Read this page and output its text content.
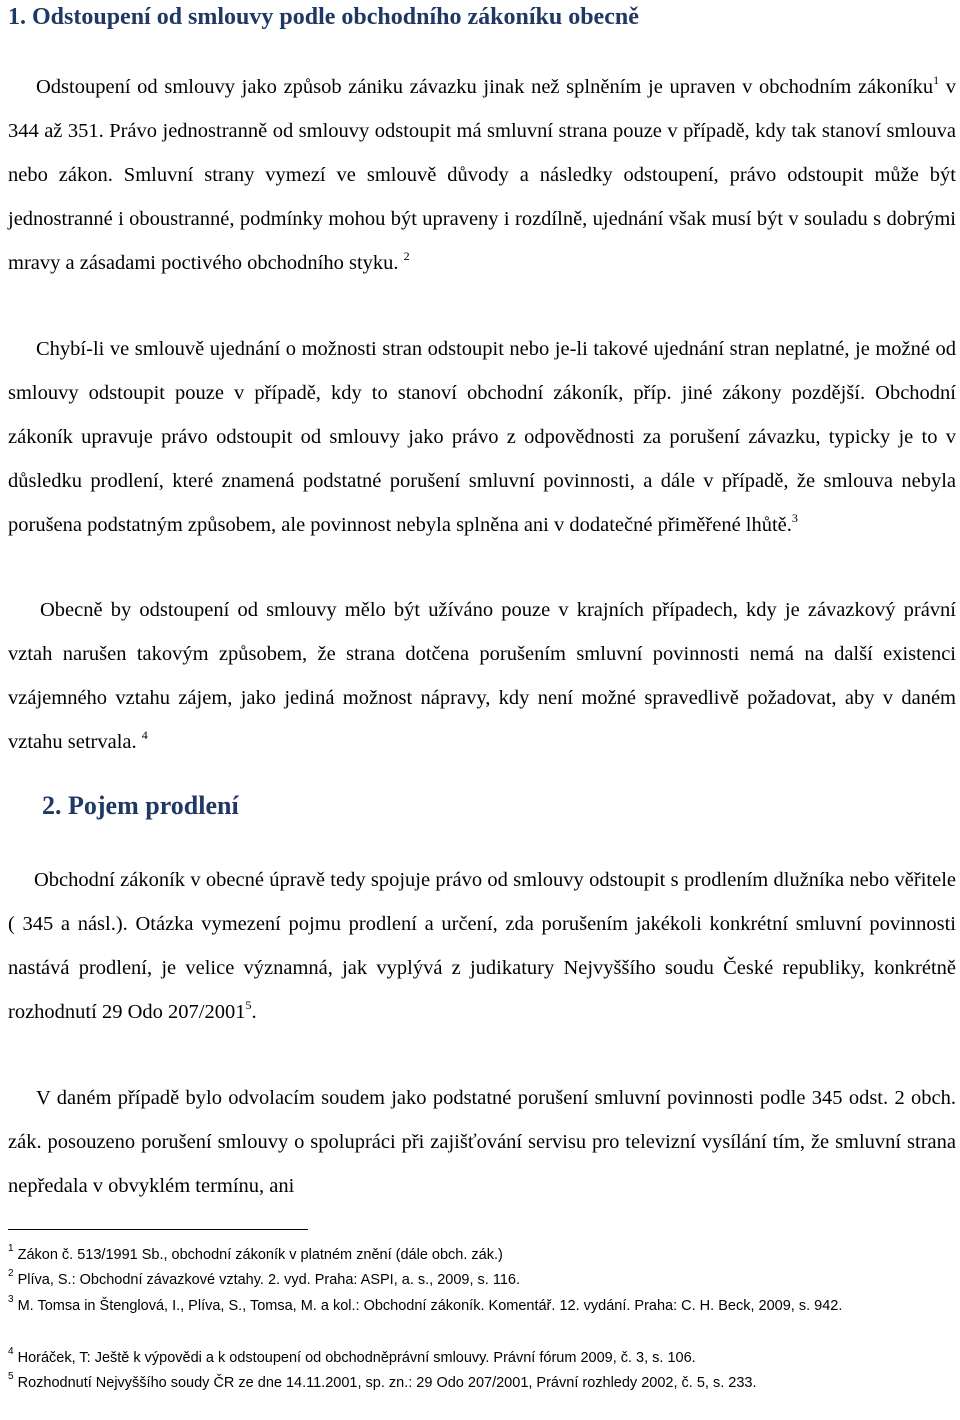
1. Odstoupení od smlouvy podle obchodního zákoníku obecně

Odstoupení od smlouvy jako způsob zániku závazku jinak než splněním je upraven v obchodním zákoníku$^1$ v 344 až 351. Právo jednostranně od smlouvy odstoupit má smluvní strana pouze v případě, kdy tak stanoví smlouva nebo zákon. Smluvní strany vymezí ve smlouvě důvody a následky odstoupení, právo odstoupit může být jednostranné i oboustranné, podmínky mohou být upraveny i rozdílně, ujednání však musí být v souladu s dobrými mravy a zásadami poctivého obchodního styku. $^2$

Chybí-li ve smlouvě ujednání o možnosti stran odstoupit nebo je-li takové ujednání stran neplatné, je možné od smlouvy odstoupit pouze v případě, kdy to stanoví obchodní zákoník, příp. jiné zákony pozdější. Obchodní zákoník upravuje právo odstoupit od smlouvy jako právo z odpovědnosti za porušení závazku, typicky je to v důsledku prodlení, které znamená podstatné porušení smluvní povinnosti, a dále v případě, že smlouva nebyla porušena podstatným způsobem, ale povinnost nebyla splněna ani v dodatečné přiměřené lhůtě.$^3$

Obecně by odstoupení od smlouvy mělo být užíváno pouze v krajních případech, kdy je závazkový právní vztah narušen takovým způsobem, že strana dotčena porušením smluvní povinnosti nemá na další existenci vzájemného vztahu zájem, jako jediná možnost nápravy, kdy není možné spravedlivě požadovat, aby v daném vztahu setrvala. $^4$

2. Pojem prodlení

Obchodní zákoník v obecné úpravě tedy spojuje právo od smlouvy odstoupit s prodlením dlužníka nebo věřitele ( 345 a násl.). Otázka vymezení pojmu prodlení a určení, zda porušením jakékoli konkrétní smluvní povinnosti nastává prodlení, je velice významná, jak vyplývá z judikatury Nejvyššího soudu České republiky, konkrétně rozhodnutí 29 Odo 207/2001$^5$.

V daném případě bylo odvolacím soudem jako podstatné porušení smluvní povinnosti podle 345 odst. 2 obch. zák. posouzeno porušení smlouvy o spolupráci při zajišťování servisu pro televizní vysílání tím, že smluvní strana nepředala v obvyklém termínu, ani

$^1$ Zákon č. 513/1991 Sb., obchodní zákoník v platném znění (dále obch. zák.)

$^2$ Plíva, S.: Obchodní závazkové vztahy. 2. vyd. Praha: ASPI, a. s., 2009, s. 116.

$^3$ M. Tomsa in Štenglová, I., Plíva, S., Tomsa, M. a kol.: Obchodní zákoník. Komentář. 12. vydání. Praha: C. H. Beck, 2009, s. 942.

$^4$ Horáček, T: Ještě k výpovědi a k odstoupení od obchodněprávní smlouvy. Právní fórum 2009, č. 3, s. 106.

$^5$ Rozhodnutí Nejvyššího soudy ČR ze dne 14.11.2001, sp. zn.: 29 Odo 207/2001, Právní rozhledy 2002, č. 5, s. 233.
